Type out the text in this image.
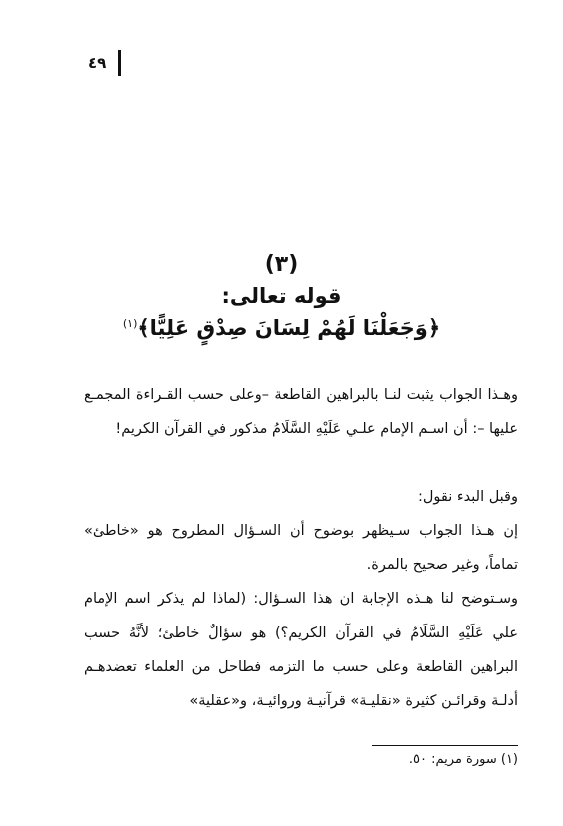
٤٩
(٣)
قوله تعالى:
﴿وَجَعَلْنَا لَهُمْ لِسَانَ صِدْقٍ عَلِيًّا﴾$^{(١)}$
وهـذا الجواب يثبت لنـا بالبراهين القاطعة –وعلى حسب القـراءة المجمـع عليها –: أن اسـم الإمام علـي عَلَيْهِ السَّلَامُ مذكور في القرآن الكريم!
وقبل البدء نقول:
إن هـذا الجواب سـيظهر بوضوح أن السـؤال المطروح هو «خاطئ» تماماً، وغير صحيح بالمرة.
وسـتوضح لنا هـذه الإجابة ان هذا السـؤال: (لماذا لم يذكر اسم الإمام علي عَلَيْهِ السَّلَامُ في القرآن الكريم؟) هو سؤالٌ خاطئ؛ لأنَّهُ حسب البراهين القاطعة وعلى حسب ما التزمه فطاحل من العلماء تعضدهـم أدلـة وقرائـن كثيرة «نقليـة» قرآنيـة وروائيـة، و«عقلية»
(١) سورة مريم: ٥٠.
